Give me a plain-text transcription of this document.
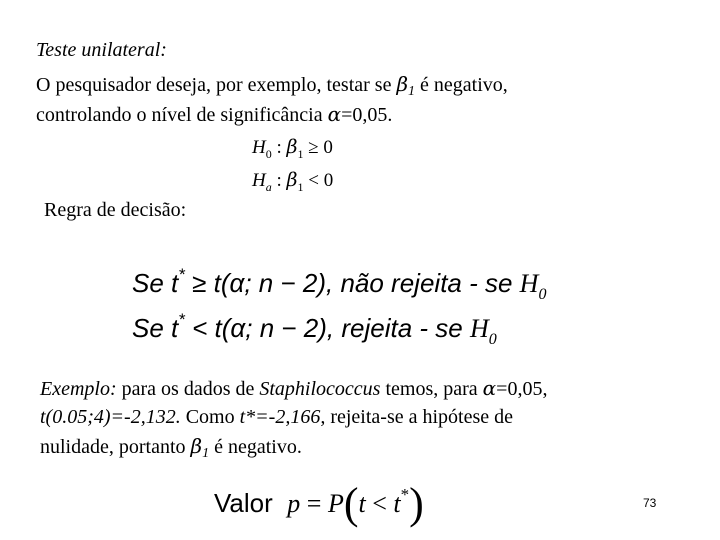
Teste unilateral:
O pesquisador deseja, por exemplo, testar se $\beta_1$ é negativo,
controlando o nível de significância α=0,05.
$H_0$ : $\beta_1 \ge 0$
$H_a$ : $\beta_1 < 0$
Regra de decisão:
Se t* ≥ t(α; n − 2), não rejeita - se $H_0$
Se t* < t(α; n − 2), rejeita - se $H_0$
Exemplo: para os dados de Staphilococcus temos, para α=0,05,
t(0.05;4)=-2,132. Como t*=-2,166, rejeita-se a hipótese de
nulidade, portanto $\beta_1$ é negativo.
Valor p = P(t < t*)	73
